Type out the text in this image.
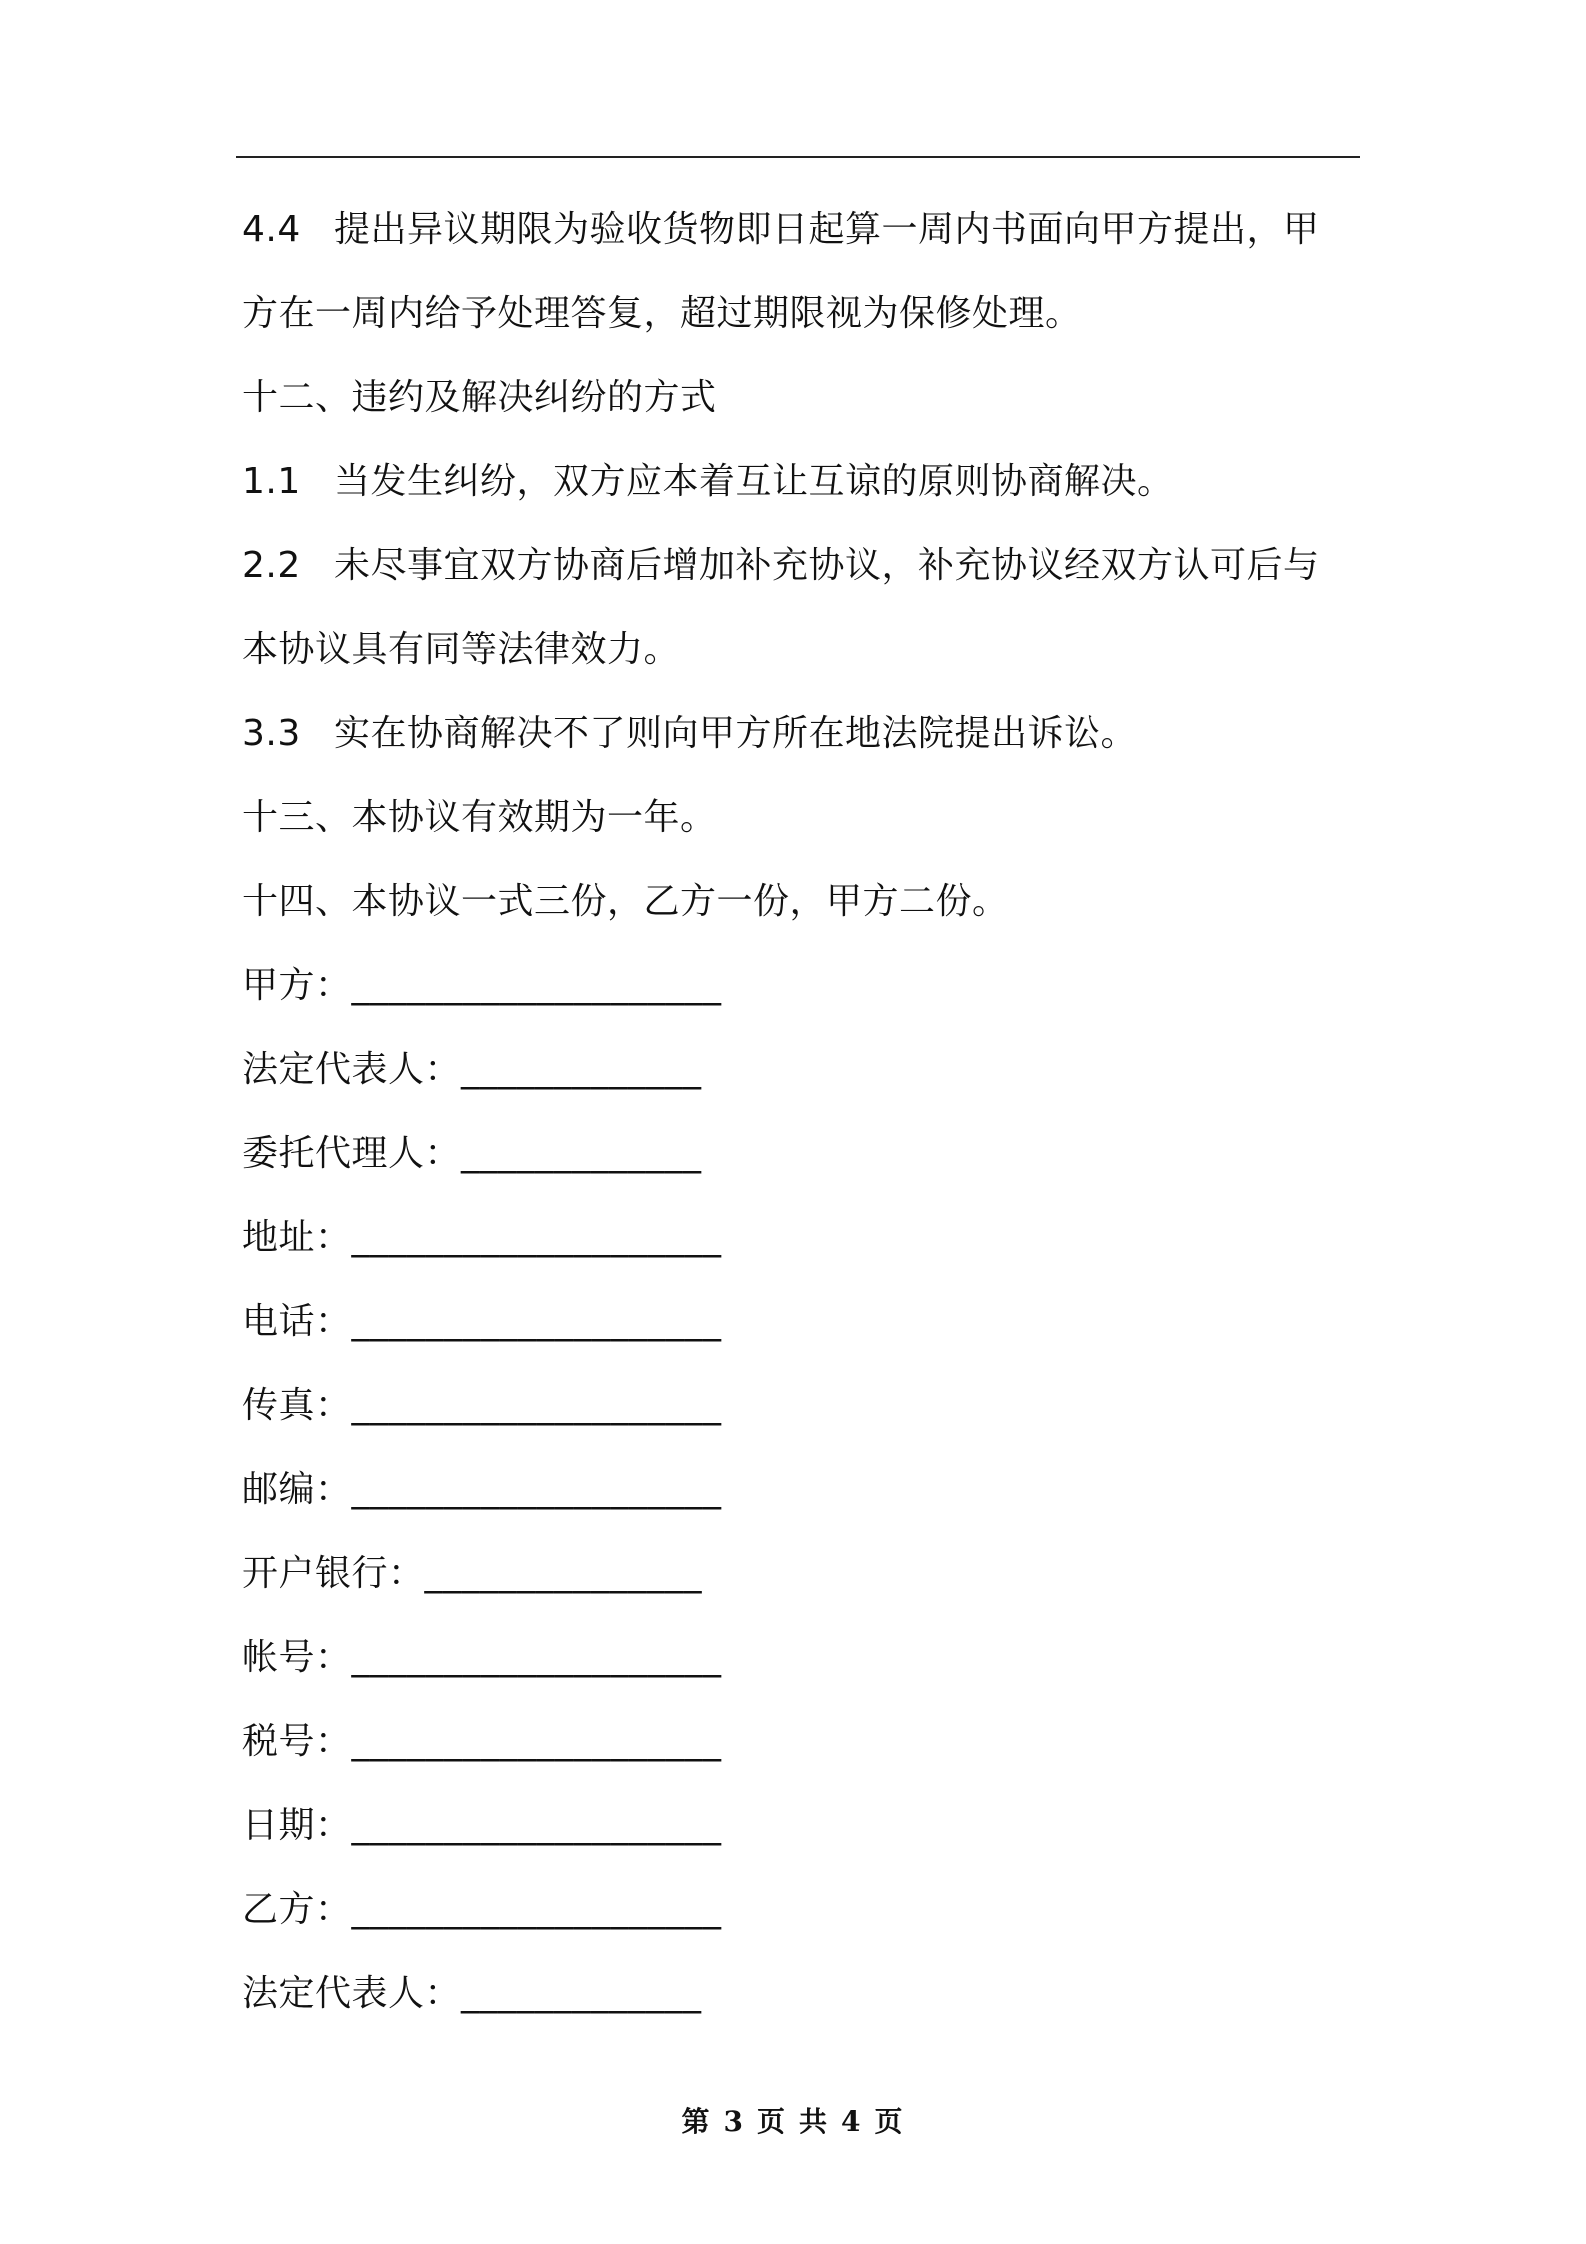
4.4 提出异议期限为验收货物即日起算一周内书面向甲方提出，甲
方在一周内给予处理答复，超过期限视为保修处理。
十二、违约及解决纠纷的方式
1.1 当发生纠纷，双方应本着互让互谅的原则协商解决。
2.2 未尽事宜双方协商后增加补充协议，补充协议经双方认可后与
本协议具有同等法律效力。
3.3 实在协商解决不了则向甲方所在地法院提出诉讼。
十三、本协议有效期为一年。
十四、本协议一式三份，乙方一份，甲方二份。
甲方：____________________
法定代表人：_____________
委托代理人：_____________
地址：____________________
电话：____________________
传真：____________________
邮编：____________________
开户银行：_______________
帐号：____________________
税号：____________________
日期：____________________
乙方：____________________
法定代表人：_____________
第 3 页 共 4 页
